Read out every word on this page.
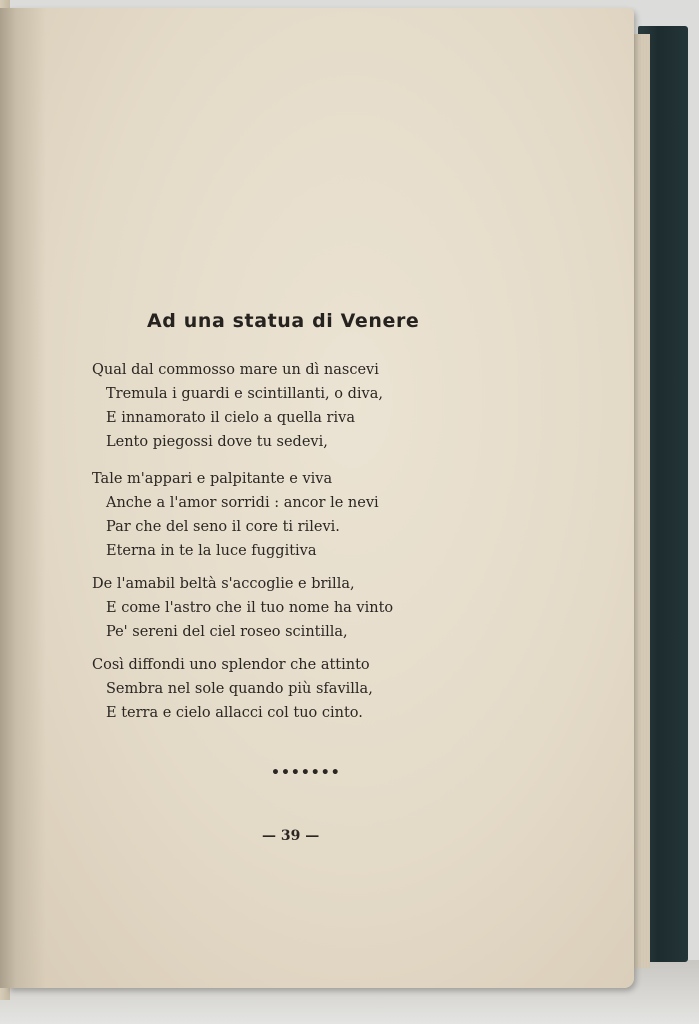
Ad una statua di Venere
Qual dal commosso mare un dì nascevi
Tremula i guardi e scintillanti, o diva,
E innamorato il cielo a quella riva
Lento piegossi dove tu sedevi,
Tale m'appari e palpitante e viva
Anche a l'amor sorridi : ancor le nevi
Par che del seno il core ti rilevi.
Eterna in te la luce fuggitiva
De l'amabil beltà s'accoglie e brilla,
E come l'astro che il tuo nome ha vinto
Pe' sereni del ciel roseo scintilla,
Così diffondi uno splendor che attinto
Sembra nel sole quando più sfavilla,
E terra e cielo allacci col tuo cinto.
•••••••
— 39 —
